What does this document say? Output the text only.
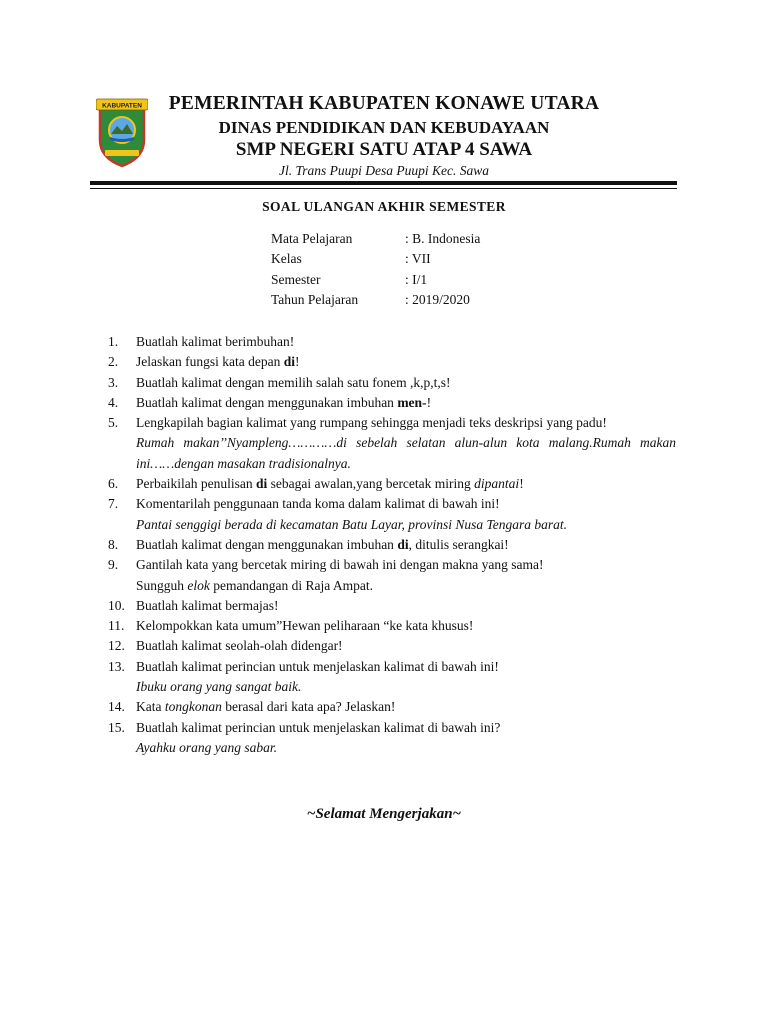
KABUPATEN	PEMERINTAH KABUPATEN KONAWE UTARA
DINAS PENDIDIKAN DAN KEBUDAYAAN
SMP NEGERI SATU ATAP 4 SAWA
Jl. Trans Puupi Desa Puupi Kec. Sawa
SOAL ULANGAN AKHIR SEMESTER
Mata Pelajaran	: B. Indonesia
Kelas	: VII
Semester	: I/1
Tahun Pelajaran	: 2019/2020
1.	Buatlah kalimat berimbuhan!
2.	Jelaskan fungsi kata depan di!
3.	Buatlah kalimat dengan memilih salah satu fonem ,k,p,t,s!
4.	Buatlah kalimat dengan menggunakan imbuhan men-!
5.	Lengkapilah bagian kalimat yang rumpang sehingga menjadi teks deskripsi yang padu!
Rumah makan’’Nyampleng…………di sebelah selatan alun-alun kota malang.Rumah makan ini……dengan masakan tradisionalnya.
6.	Perbaikilah penulisan di sebagai awalan,yang bercetak miring dipantai!
7.	Komentarilah penggunaan tanda koma dalam kalimat di bawah ini!
Pantai senggigi berada di kecamatan Batu Layar, provinsi Nusa Tengara barat.
8.	Buatlah kalimat dengan menggunakan imbuhan di, ditulis serangkai!
9.	Gantilah kata yang bercetak miring di bawah ini dengan makna yang sama!
Sungguh elok pemandangan di Raja Ampat.
10. Buatlah kalimat bermajas!
11. Kelompokkan kata umum”Hewan peliharaan “ke kata khusus!
12. Buatlah kalimat seolah-olah didengar!
13. Buatlah kalimat perincian untuk menjelaskan kalimat di bawah ini!
Ibuku orang yang sangat baik.
14. Kata tongkonan berasal dari kata apa? Jelaskan!
15. Buatlah kalimat perincian untuk menjelaskan kalimat di bawah ini?
Ayahku orang yang sabar.
~Selamat Mengerjakan~
